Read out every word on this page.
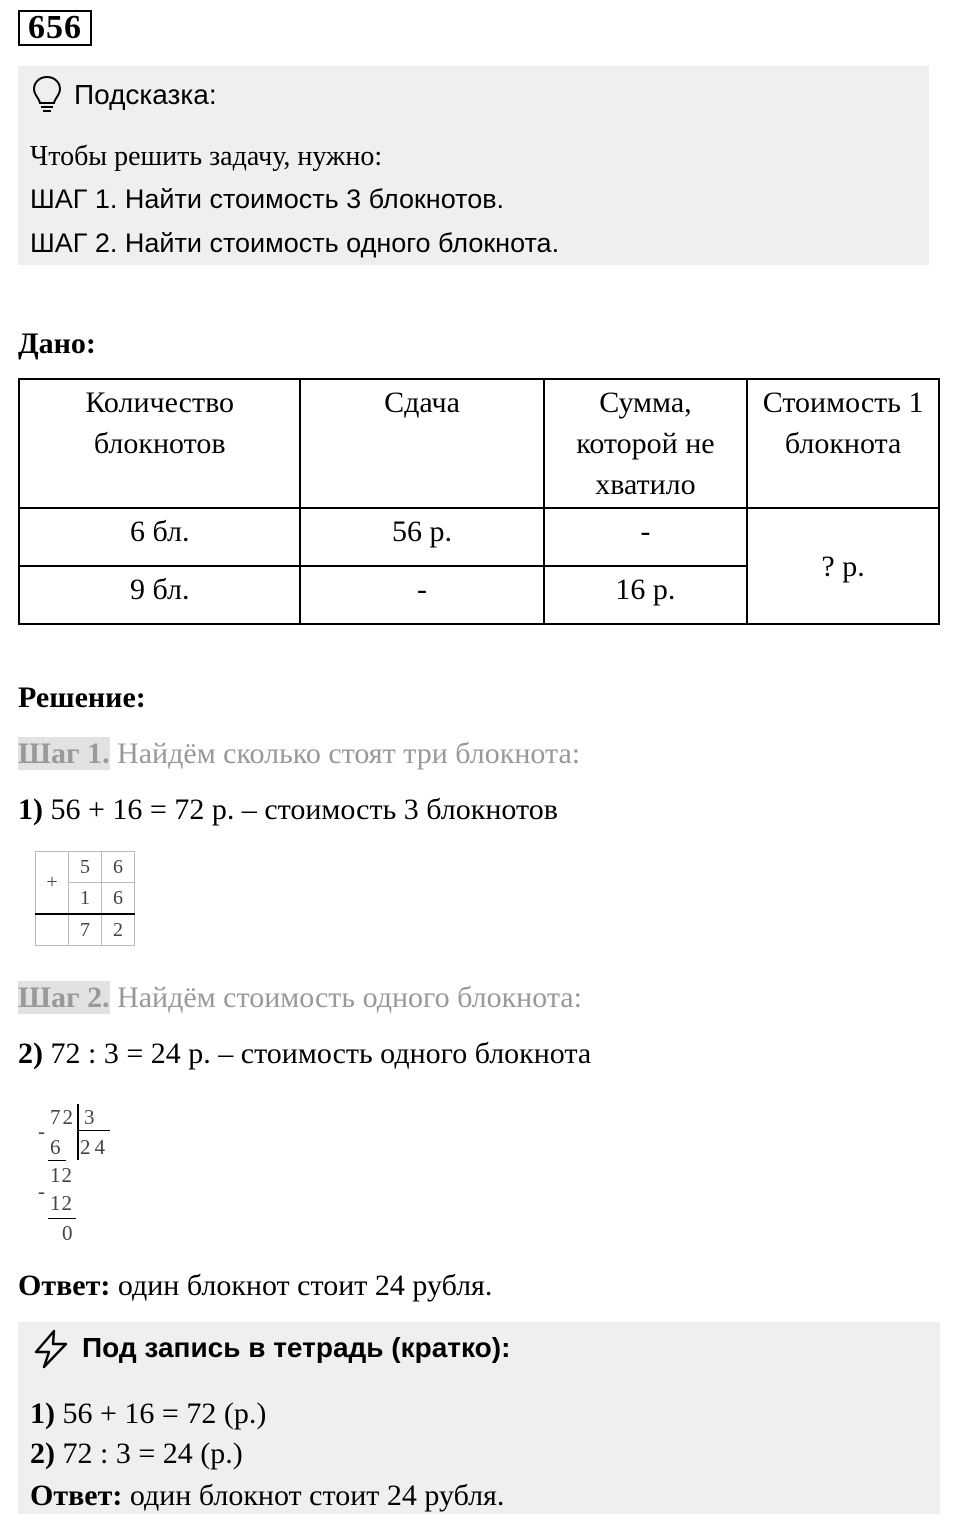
656
Подсказка:
Чтобы решить задачу, нужно:
ШАГ 1. Найти стоимость 3 блокнотов.
ШАГ 2. Найти стоимость одного блокнота.
Дано:
Количество блокнотов	Сдача	Сумма, которой не хватило	Стоимость 1 блокнота
6 бл.	56 р.	-	? р.
9 бл.	-	16 р.	
Решение:
Шаг 1. Найдём сколько стоят три блокнота:
1) 56 + 16 = 72 р. – стоимость 3 блокнотов
+	5	6
	1	6
	7	2
Шаг 2. Найдём стоимость одного блокнота:
2) 72 : 3 = 24 р. – стоимость одного блокнота
72 3
24
-
6
12
- 12
0
Ответ: один блокнот стоит 24 рубля.
Под запись в тетрадь (кратко):
1) 56 + 16 = 72 (р.)
2) 72 : 3 = 24 (р.)
Ответ: один блокнот стоит 24 рубля.
